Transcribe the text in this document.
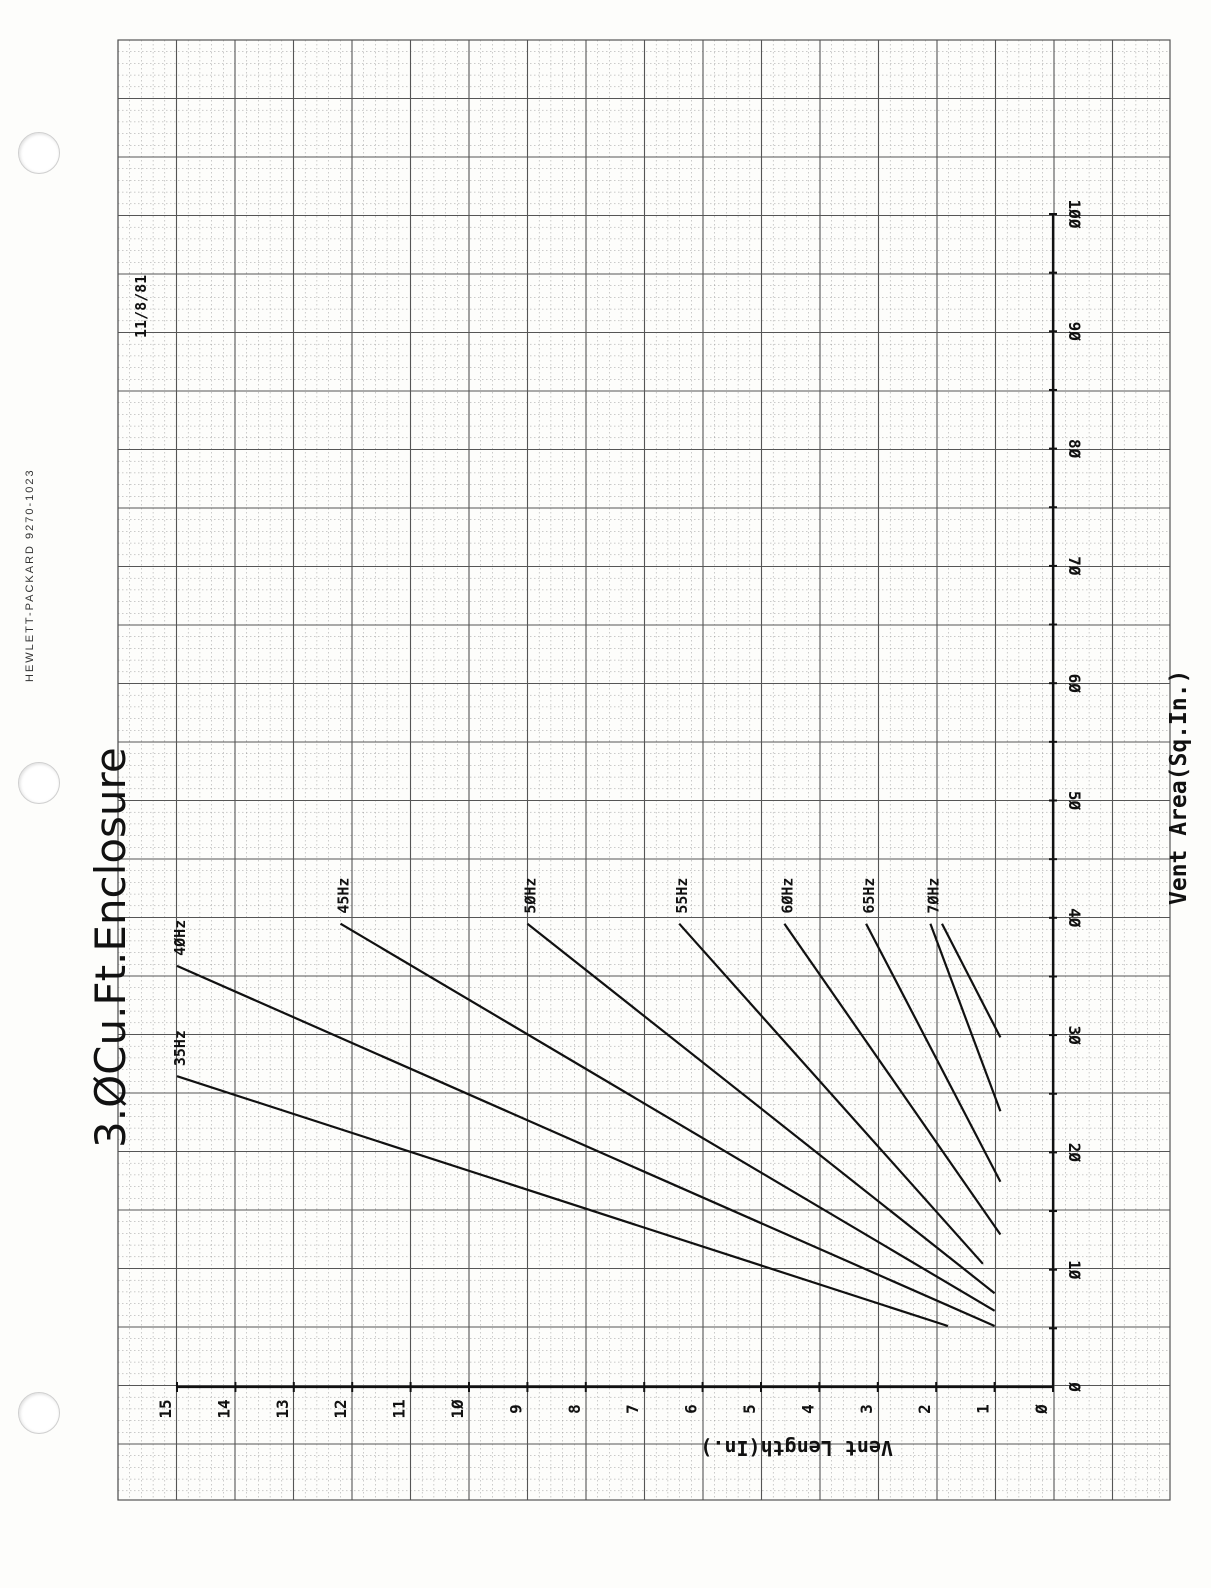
Ø
1Ø
2Ø
3Ø
4Ø
5Ø
6Ø
7Ø
8Ø
9Ø
1ØØ
Ø
1
2
3
4
5
6
7
8
9
1Ø
11
12
13
14
15
35Hz
4ØHz
45Hz	5ØHz	55Hz	6ØHz	65Hz	7ØHz
HEWLETT-PACKARD 9270-1023
3.ØCu.Ft.Enclosure
11/8/81
Vent Area(Sq.In.)
Vent Length(In.)
